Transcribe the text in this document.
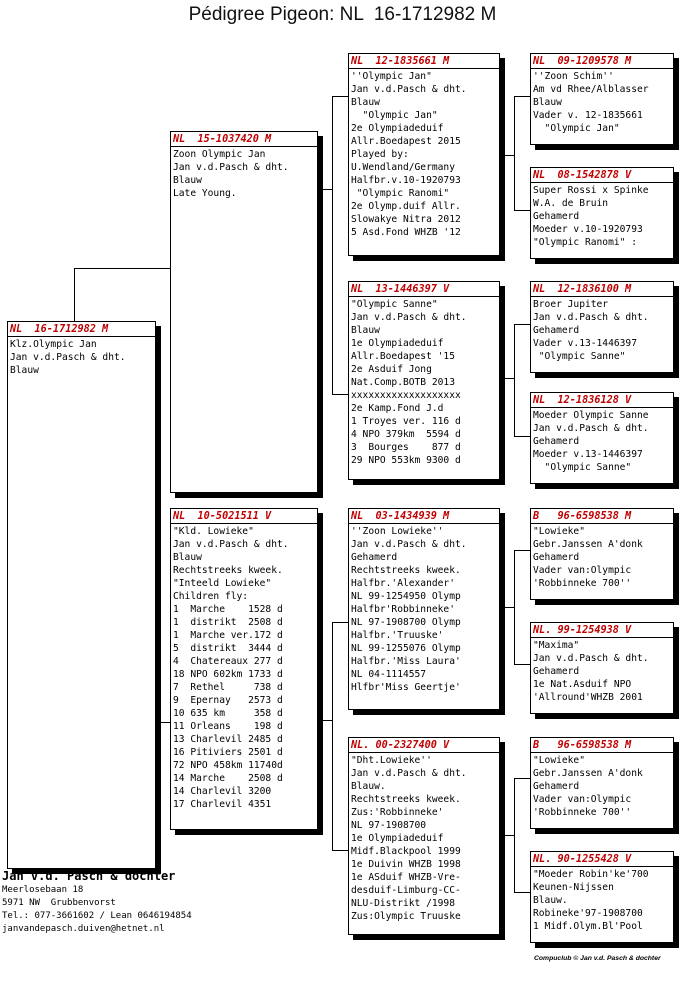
Pédigree Pigeon: NL  16-1712982 M
NL  16-1712982 M
Klz.Olympic Jan
Jan v.d.Pasch & dht.
Blauw
NL  15-1037420 M
Zoon Olympic Jan
Jan v.d.Pasch & dht.
Blauw
Late Young.
NL  10-5021511 V
"Kld. Lowieke"
Jan v.d.Pasch & dht.
Blauw
Rechtstreeks kweek.
"Inteeld Lowieke"
Children fly:
1  Marche    1528 d
1  distrikt  2508 d
1  Marche ver.172 d
5  distrikt  3444 d
4  Chatereaux 277 d
18 NPO 602km 1733 d
7  Rethel     738 d
9  Epernay   2573 d
10 635 km     358 d
11 Orleans    198 d
13 Charlevil 2485 d
16 Pitiviers 2501 d
72 NPO 458km 11740d
14 Marche    2508 d
14 Charlevil 3200
17 Charlevil 4351
NL  12-1835661 M
''Olympic Jan"
Jan v.d.Pasch & dht.
Blauw
"Olympic Jan"
2e Olympiadeduif
Allr.Boedapest 2015
Played by:
U.Wendland/Germany
Halfbr.v.10-1920793
"Olympic Ranomi"
2e Olymp.duif Allr.
Slowakye Nitra 2012
5 Asd.Fond WHZB '12
NL  13-1446397 V
"Olympic Sanne"
Jan v.d.Pasch & dht.
Blauw
1e Olympiadeduif
Allr.Boedapest '15
2e Asduif Jong
Nat.Comp.BOTB 2013
xxxxxxxxxxxxxxxxxxx
2e Kamp.Fond J.d
1 Troyes ver. 116 d
4 NPO 379km  5594 d
3  Bourges    877 d
29 NPO 553km 9300 d
NL  03-1434939 M
''Zoon Lowieke''
Jan v.d.Pasch & dht.
Gehamerd
Rechtstreeks kweek.
Halfbr.'Alexander'
NL 99-1254950 Olymp
Halfbr'Robbinneke'
NL 97-1908700 Olymp
Halfbr.'Truuske'
NL 99-1255076 Olymp
Halfbr.'Miss Laura'
NL 04-1114557
Hlfbr'Miss Geertje'
NL. 00-2327400 V
"Dht.Lowieke''
Jan v.d.Pasch & dht.
Blauw.
Rechtstreeks kweek.
Zus:'Robbinneke'
NL 97-1908700
1e Olympiadeduif
Midf.Blackpool 1999
1e Duivin WHZB 1998
1e ASduif WHZB-Vre-
desduif-Limburg-CC-
NLU-Distrikt /1998
Zus:Olympic Truuske
NL  09-1209578 M
''Zoon Schim''
Am vd Rhee/Alblasser
Blauw
Vader v. 12-1835661
"Olympic Jan"
NL  08-1542878 V
Super Rossi x Spinke
W.A. de Bruin
Gehamerd
Moeder v.10-1920793
"Olympic Ranomi" :
NL  12-1836100 M
Broer Jupiter
Jan v.d.Pasch & dht.
Gehamerd
Vader v.13-1446397
"Olympic Sanne"
NL  12-1836128 V
Moeder Olympic Sanne
Jan v.d.Pasch & dht.
Gehamerd
Moeder v.13-1446397
"Olympic Sanne"
B   96-6598538 M
"Lowieke"
Gebr.Janssen A'donk
Gehamerd
Vader van:Olympic
'Robbinneke 700''
NL. 99-1254938 V
"Maxima"
Jan v.d.Pasch & dht.
Gehamerd
1e Nat.Asduif NPO
'Allround'WHZB 2001
B   96-6598538 M
"Lowieke"
Gebr.Janssen A'donk
Gehamerd
Vader van:Olympic
'Robbinneke 700''
NL. 90-1255428 V
"Moeder Robin'ke'700
Keunen-Nijssen
Blauw.
Robineke'97-1908700
1 Midf.Olym.Bl'Pool
Jan v.d. Pasch & dochter
Meerlosebaan 18
5971 NW  Grubbenvorst
Tel.: 077-3661602 / Lean 0646194854
janvandepasch.duiven@hetnet.nl
Compuclub © Jan v.d. Pasch & dochter
